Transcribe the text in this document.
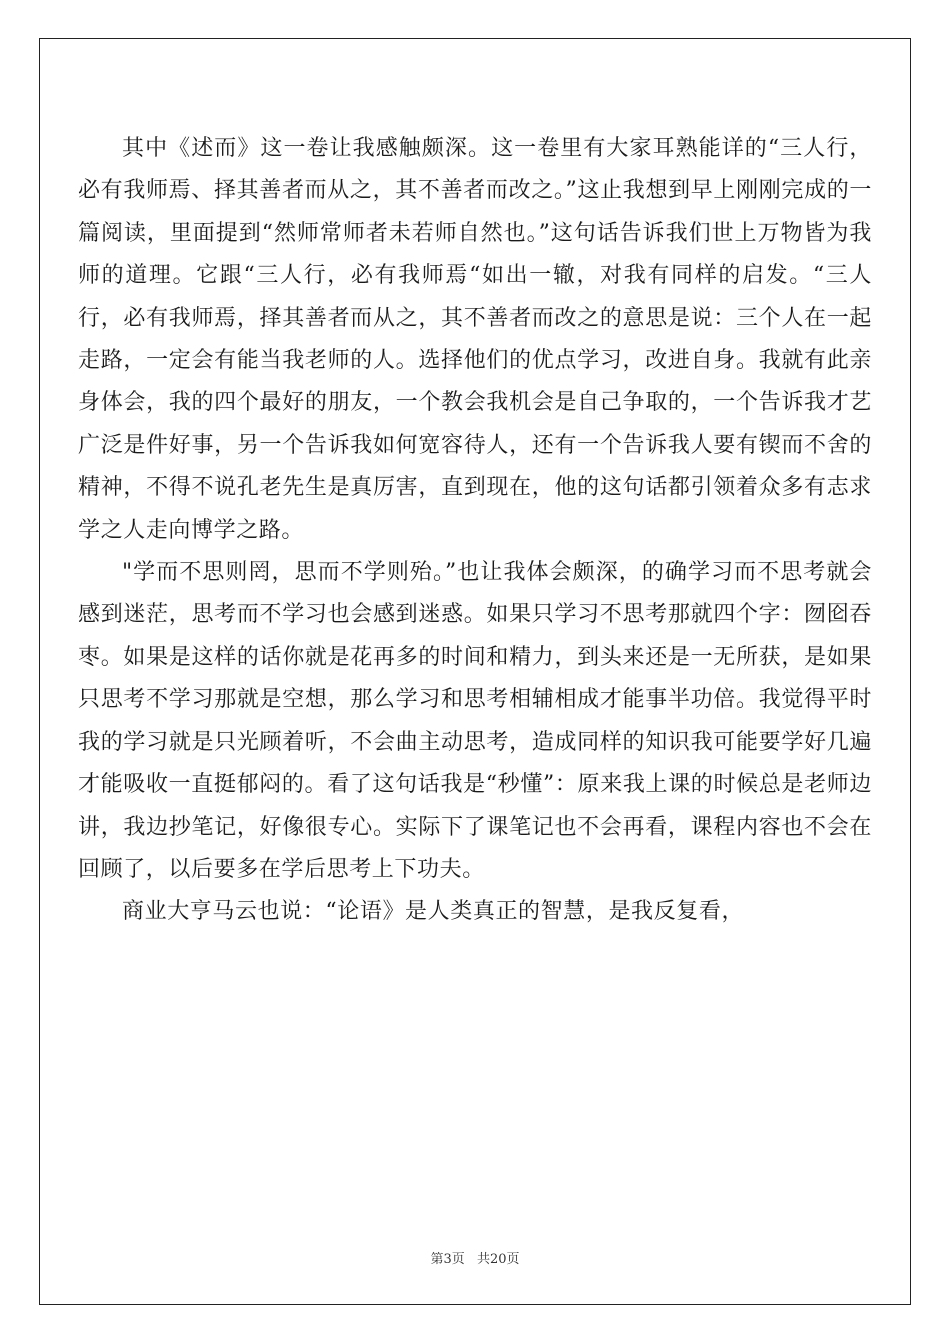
其中《述而》这一卷让我感触颇深。这一卷里有大家耳熟能详的“三人行，必有我师焉、择其善者而从之，其不善者而改之。”这止我想到早上刚刚完成的一篇阅读，里面提到“然师常师者未若师自然也。”这句话告诉我们世上万物皆为我师的道理。它跟“三人行，必有我师焉“如出一辙，对我有同样的启发。“三人行，必有我师焉，择其善者而从之，其不善者而改之的意思是说：三个人在一起走路，一定会有能当我老师的人。选择他们的优点学习，改进自身。我就有此亲身体会，我的四个最好的朋友，一个教会我机会是自己争取的，一个告诉我才艺广泛是件好事，另一个告诉我如何宽容待人，还有一个告诉我人要有锲而不舍的精神，不得不说孔老先生是真厉害，直到现在，他的这句话都引领着众多有志求学之人走向博学之路。

"学而不思则罔，思而不学则殆。”也让我体会颇深，的确学习而不思考就会感到迷茫，思考而不学习也会感到迷惑。如果只学习不思考那就四个字：囫囵吞枣。如果是这样的话你就是花再多的时间和精力，到头来还是一无所获，是如果只思考不学习那就是空想，那么学习和思考相辅相成才能事半功倍。我觉得平时我的学习就是只光顾着听，不会曲主动思考，造成同样的知识我可能要学好几遍才能吸收一直挺郁闷的。看了这句话我是“秒懂”：原来我上课的时候总是老师边讲，我边抄笔记，好像很专心。实际下了课笔记也不会再看，课程内容也不会在回顾了，以后要多在学后思考上下功夫。

商业大亨马云也说：“论语》是人类真正的智慧，是我反复看，

第3页 共20页
